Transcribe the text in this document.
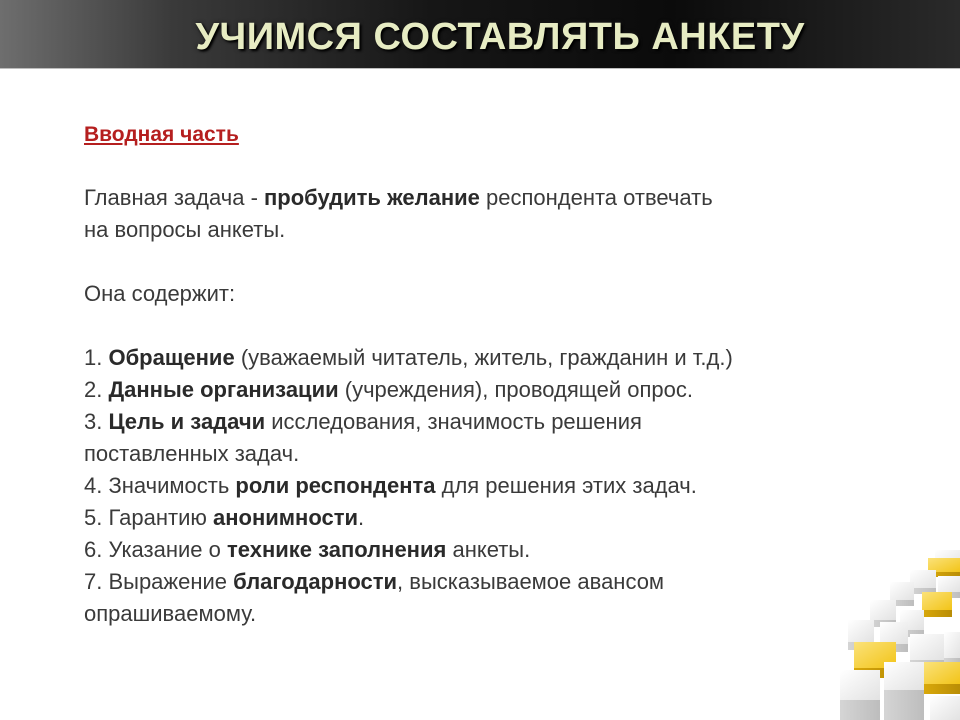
УЧИМСЯ СОСТАВЛЯТЬ АНКЕТУ

Вводная часть

Главная задача - пробудить желание респондента отвечать

на вопросы анкеты.

Она содержит:

1. Обращение (уважаемый читатель, житель, гражданин и т.д.)

2. Данные организации (учреждения), проводящей опрос.

3. Цель и задачи исследования, значимость решения

поставленных задач.

4. Значимость роли респондента для решения этих задач.

5. Гарантию анонимности.

6. Указание о технике заполнения анкеты.

7. Выражение благодарности, высказываемое авансом

опрашиваемому.
